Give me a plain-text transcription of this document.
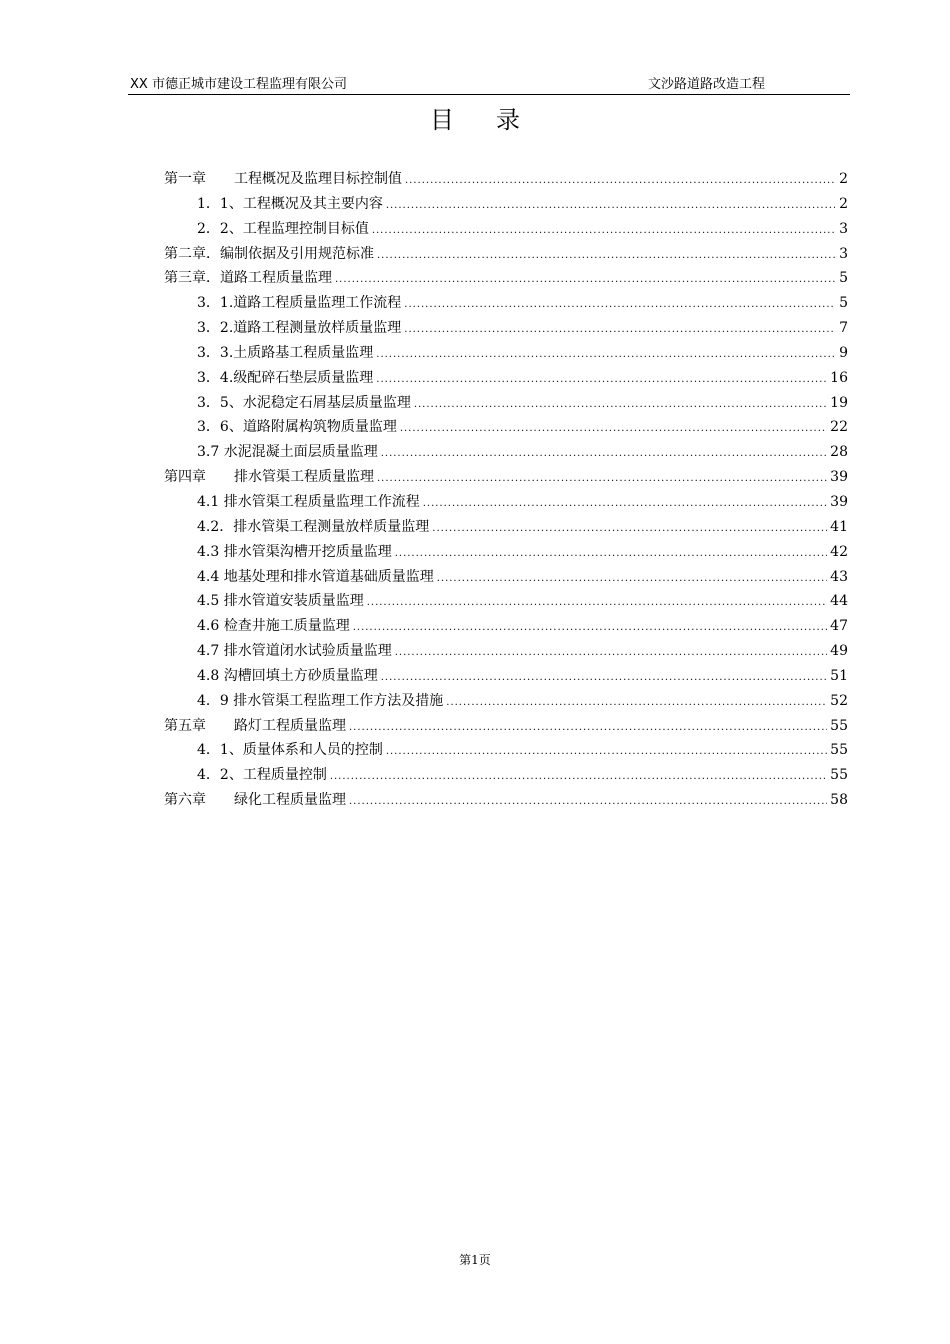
XX 市德正城市建设工程监理有限公司	文沙路道路改造工程
目录
第一章　　工程概况及监理目标控制值 .....	2
1．1、工程概况及其主要内容 .....	2
2．2、工程监理控制目标值 .....	3
第二章．编制依据及引用规范标准 .....	3
第三章．道路工程质量监理 .....	5
3．1.道路工程质量监理工作流程 .....	5
3．2.道路工程测量放样质量监理 .....	7
3．3.土质路基工程质量监理 .....	9
3．4.级配碎石垫层质量监理 .....	16
3．5、水泥稳定石屑基层质量监理 .....	19
3．6、道路附属构筑物质量监理 .....	22
3.7 水泥混凝土面层质量监理 .....	28
第四章　　排水管渠工程质量监理 .....	39
4.1 排水管渠工程质量监理工作流程 .....	39
4.2．排水管渠工程测量放样质量监理 .....	41
4.3 排水管渠沟槽开挖质量监理 .....	42
4.4 地基处理和排水管道基础质量监理 .....	43
4.5 排水管道安装质量监理 .....	44
4.6 检查井施工质量监理 .....	47
4.7 排水管道闭水试验质量监理 .....	49
4.8 沟槽回填土方砂质量监理 .....	51
4．9 排水管渠工程监理工作方法及措施 .....	52
第五章　　路灯工程质量监理 .....	55
4．1、质量体系和人员的控制 .....	55
4．2、工程质量控制 .....	55
第六章　　绿化工程质量监理 .....	58
第1页
